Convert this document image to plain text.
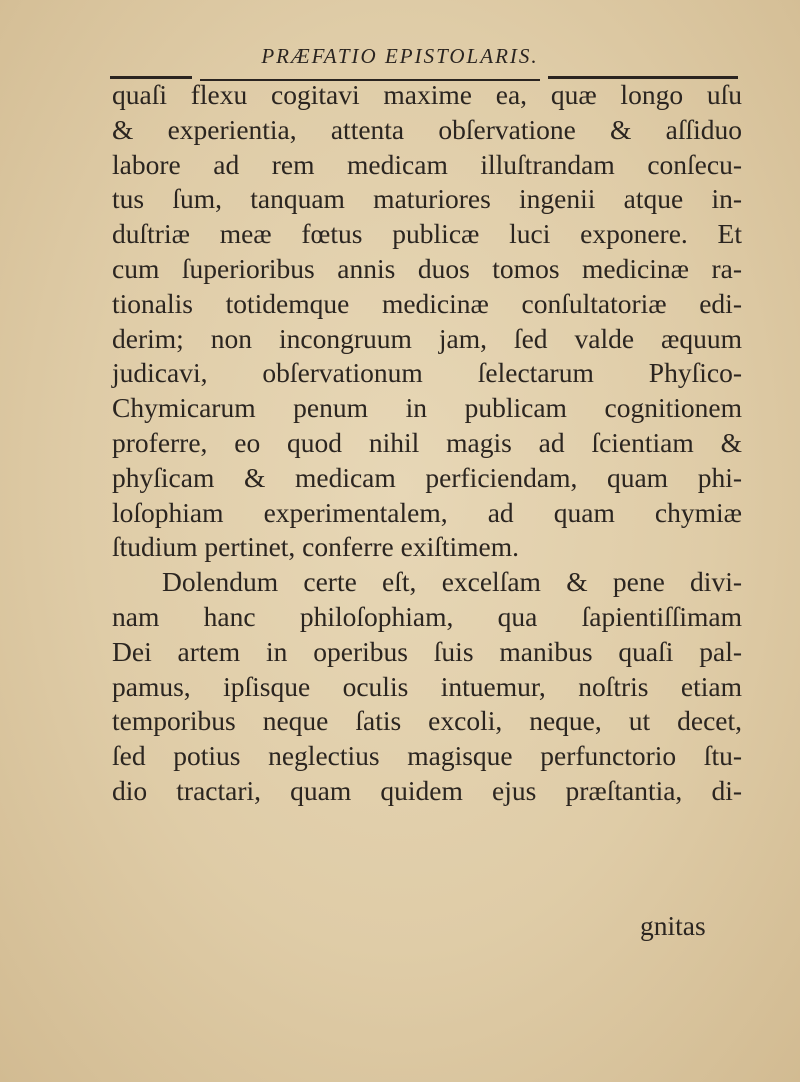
PRÆFATIO EPISTOLARIS.
quaſi flexu cogitavi maxime ea, quæ longo uſu
& experientia, attenta obſervatione & aſſiduo
labore ad rem medicam illuſtrandam conſecu-
tus ſum, tanquam maturiores ingenii atque in-
duſtriæ meæ fœtus publicæ luci exponere. Et
cum ſuperioribus annis duos tomos medicinæ ra-
tionalis totidemque medicinæ conſultatoriæ edi-
derim; non incongruum jam, ſed valde æquum
judicavi, obſervationum ſelectarum Phyſico-
Chymicarum penum in publicam cognitionem
proferre, eo quod nihil magis ad ſcientiam &
phyſicam & medicam perficiendam, quam phi-
loſophiam experimentalem, ad quam chymiæ
ſtudium pertinet, conferre exiſtimem.
Dolendum certe eſt, excelſam & pene divi-
nam hanc philoſophiam, qua ſapientiſſimam
Dei artem in operibus ſuis manibus quaſi pal-
pamus, ipſisque oculis intuemur, noſtris etiam
temporibus neque ſatis excoli, neque, ut decet,
ſed potius neglectius magisque perfunctorio ſtu-
dio tractari, quam quidem ejus præſtantia, di-
gnitas
